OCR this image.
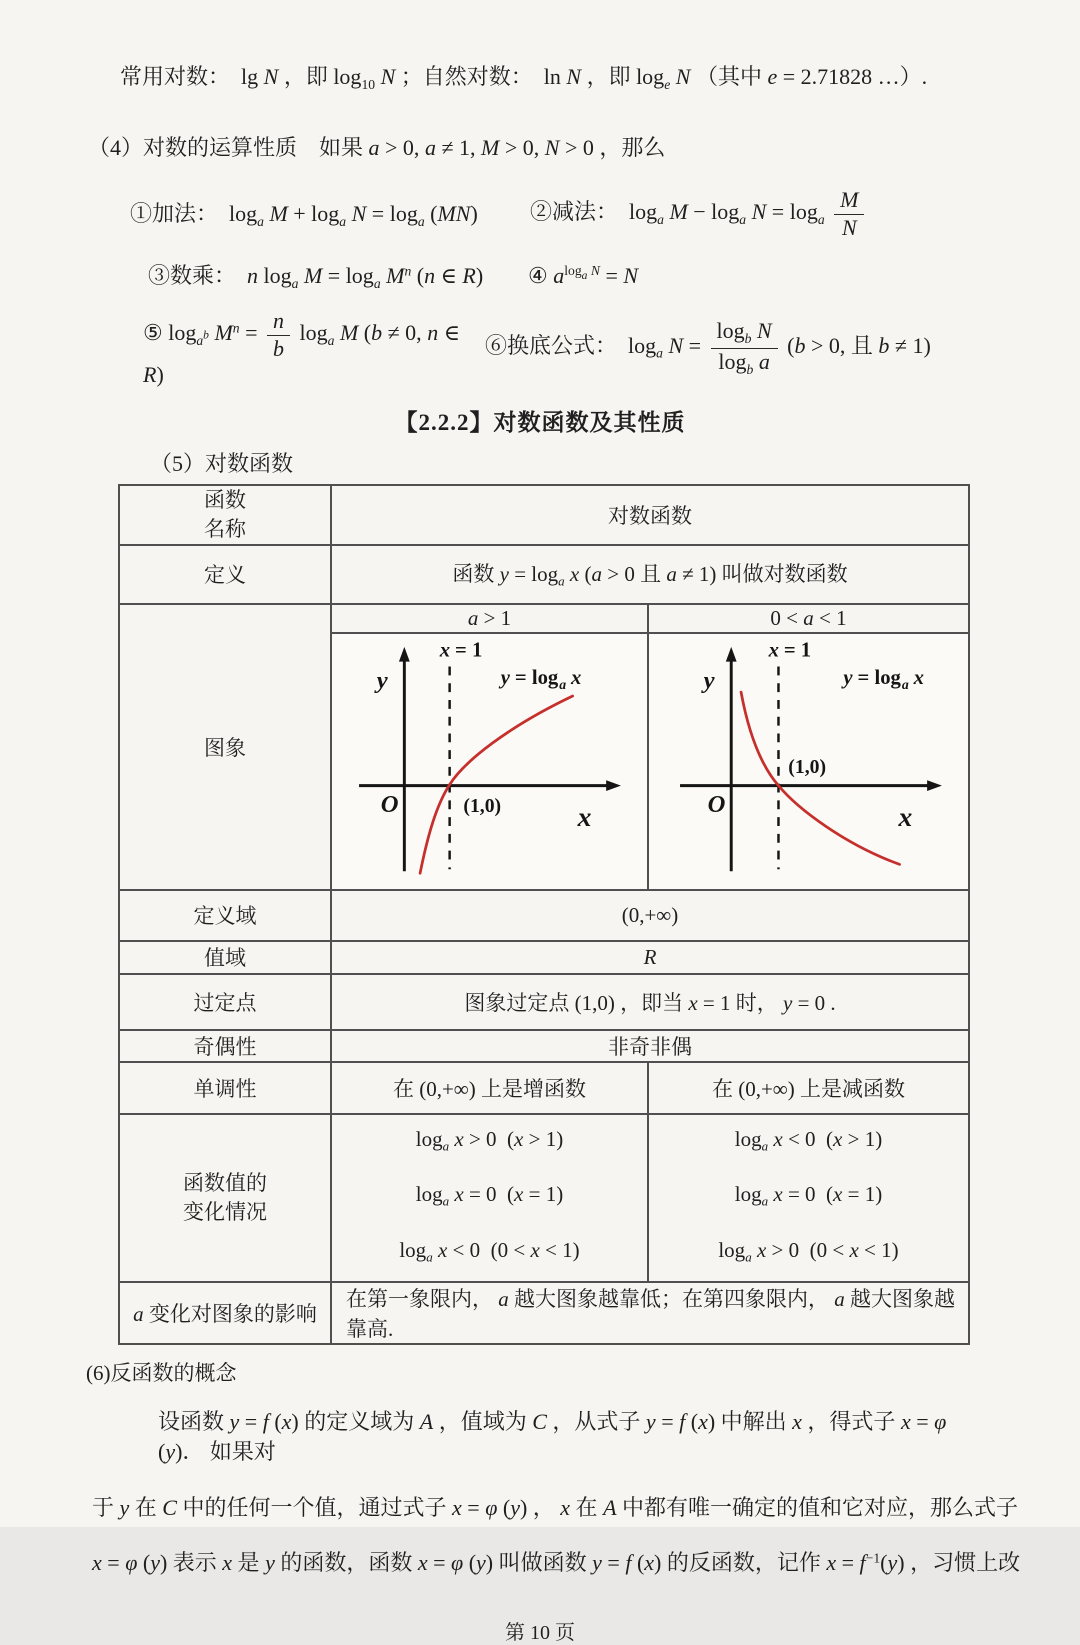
常用对数：  lg N ，即 $\log_{10} N$ ；自然对数：  ln N ，即 $\log_e N$ （其中 e = 2.71828 …）.

（4）对数的运算性质    如果 a > 0, a ≠ 1, M > 0, N > 0 ，那么

①加法：  $\log_a M + \log_a N = \log_a (MN)$	②减法：  $\log_a M - \log_a N = \log_a \frac{M}{N}$
③数乘：  n $\log_a M = \log_a M^n$ (n ∈ R)	④ $a^{log_a N} = N$
⑤ $\log_{a^b} M^n = \frac{n}{b} \log_a M$ (b ≠ 0, n ∈ R)
⑥换底公式：  $\log_a N = \frac{\log_b N}{\log_b a} (b > 0$, 且 b ≠ 1)
【2.2.2】对数函数及其性质

（5）对数函数

函数
名称	对数函数	
定义	函数 $y = \log_a x$ (a > 0 且 a ≠ 1) 叫做对数函数	
图象	a > 1	0 < a < 1

y
x = 1
$y = \log_a x$
O	(1,0)	x

y
x = 1
$y = \log_a x$
O
(1,0)
x

定义域	(0,+∞)	
值域	R	
过定点	图象过定点 (1,0) ，即当 x = 1 时， y = 0 .	
奇偶性	非奇非偶	
单调性	在 (0,+∞) 上是增函数	在 (0,+∞) 上是减函数

函数值的
变化情况

$\log_a x > 0$  (x > 1)
$\log_a x = 0$  (x = 1)
$\log_a x < 0$  (0 < x < 1)

$\log_a x < 0$  (x > 1)
$\log_a x = 0$  (x = 1)
$\log_a x > 0$  (0 < x < 1)

a 变化对图象的影响	在第一象限内， a 越大图象越靠低；在第四象限内， a 越大图象越靠高.	

(6)反函数的概念

设函数 y = f (x) 的定义域为 A ，值域为 C ，从式子 y = f (x) 中解出 x ，得式子 x = φ (y)． 如果对

于 y 在 C 中的任何一个值，通过式子 x = φ (y) ， x 在 A 中都有唯一确定的值和它对应，那么式子

x = φ (y) 表示 x 是 y 的函数，函数 x = φ (y) 叫做函数 y = f (x) 的反函数，记作 $x = f^{-1}(y)$ ，习惯上改

第 10 页
